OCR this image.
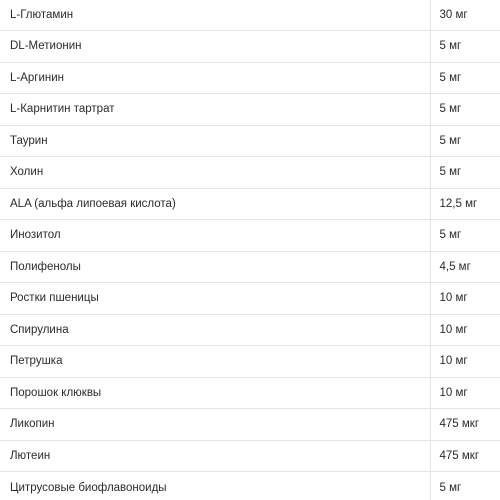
L-Глютамин	30 мг
DL-Метионин	5 мг
L-Аргинин	5 мг
L-Карнитин тартрат	5 мг
Таурин	5 мг
Холин	5 мг
ALA (альфа липоевая кислота)	12,5 мг
Инозитол	5 мг
Полифенолы	4,5 мг
Ростки пшеницы	10 мг
Спирулина	10 мг
Петрушка	10 мг
Порошок клюквы	10 мг
Ликопин	475 мкг
Лютеин	475 мкг
Цитрусовые биофлавоноиды	5 мг
